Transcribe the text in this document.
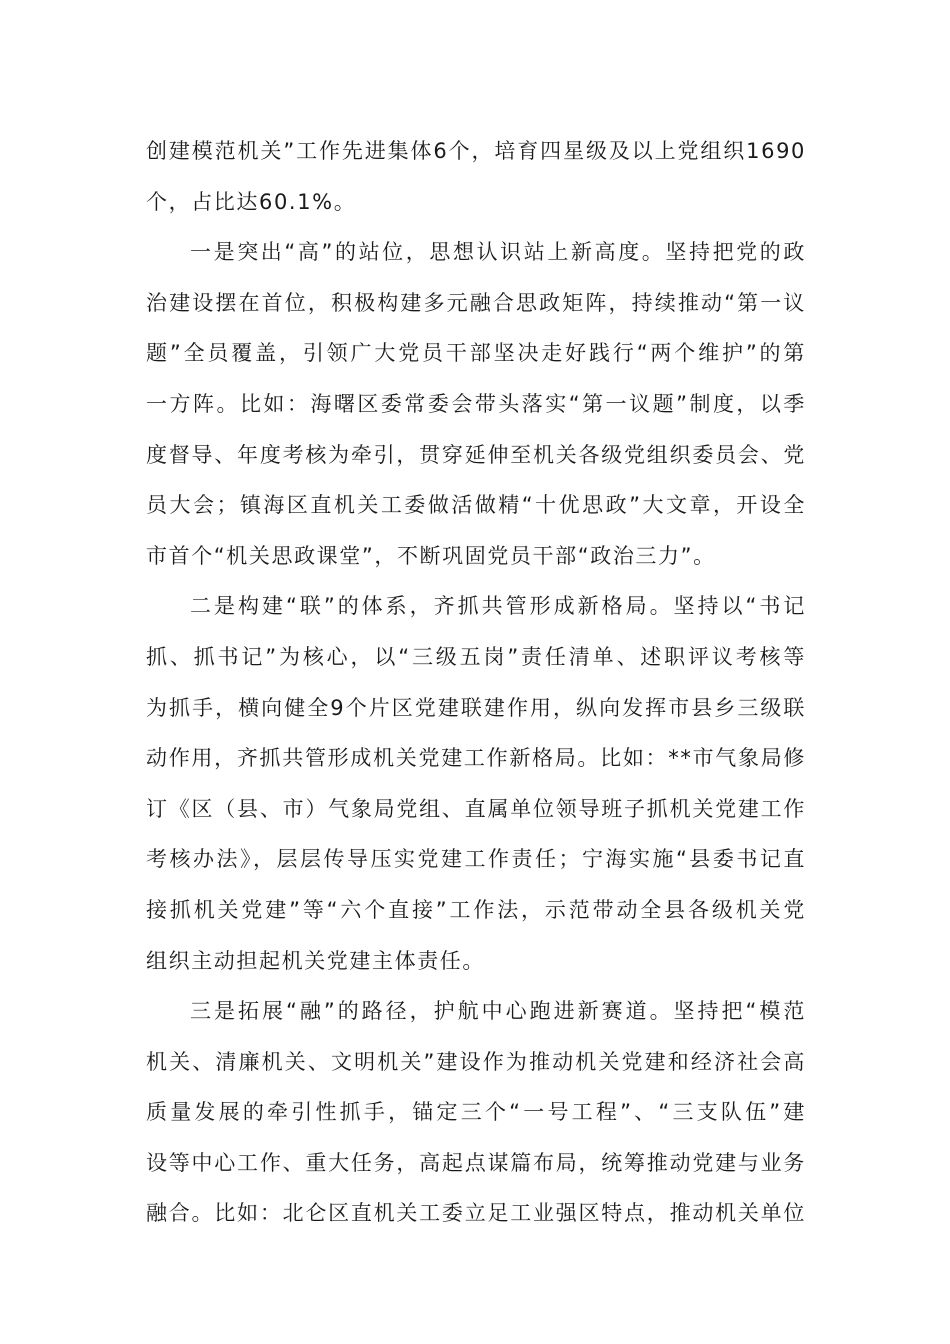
创建模范机关”工作先进集体6个，培育四星级及以上党组织1690
个，占比达60.1%。

一是突出“高”的站位，思想认识站上新高度。坚持把党的政
治建设摆在首位，积极构建多元融合思政矩阵，持续推动“第一议
题”全员覆盖，引领广大党员干部坚决走好践行“两个维护”的第
一方阵。比如：海曙区委常委会带头落实“第一议题”制度，以季
度督导、年度考核为牵引，贯穿延伸至机关各级党组织委员会、党
员大会；镇海区直机关工委做活做精“十优思政”大文章，开设全
市首个“机关思政课堂”，不断巩固党员干部“政治三力”。

二是构建“联”的体系，齐抓共管形成新格局。坚持以“书记
抓、抓书记”为核心，以“三级五岗”责任清单、述职评议考核等
为抓手，横向健全9个片区党建联建作用，纵向发挥市县乡三级联
动作用，齐抓共管形成机关党建工作新格局。比如：**市气象局修
订《区（县、市）气象局党组、直属单位领导班子抓机关党建工作
考核办法》，层层传导压实党建工作责任；宁海实施“县委书记直
接抓机关党建”等“六个直接”工作法，示范带动全县各级机关党
组织主动担起机关党建主体责任。

三是拓展“融”的路径，护航中心跑进新赛道。坚持把“模范
机关、清廉机关、文明机关”建设作为推动机关党建和经济社会高
质量发展的牵引性抓手，锚定三个“一号工程”、“三支队伍”建
设等中心工作、重大任务，高起点谋篇布局，统筹推动党建与业务
融合。比如：北仑区直机关工委立足工业强区特点，推动机关单位
